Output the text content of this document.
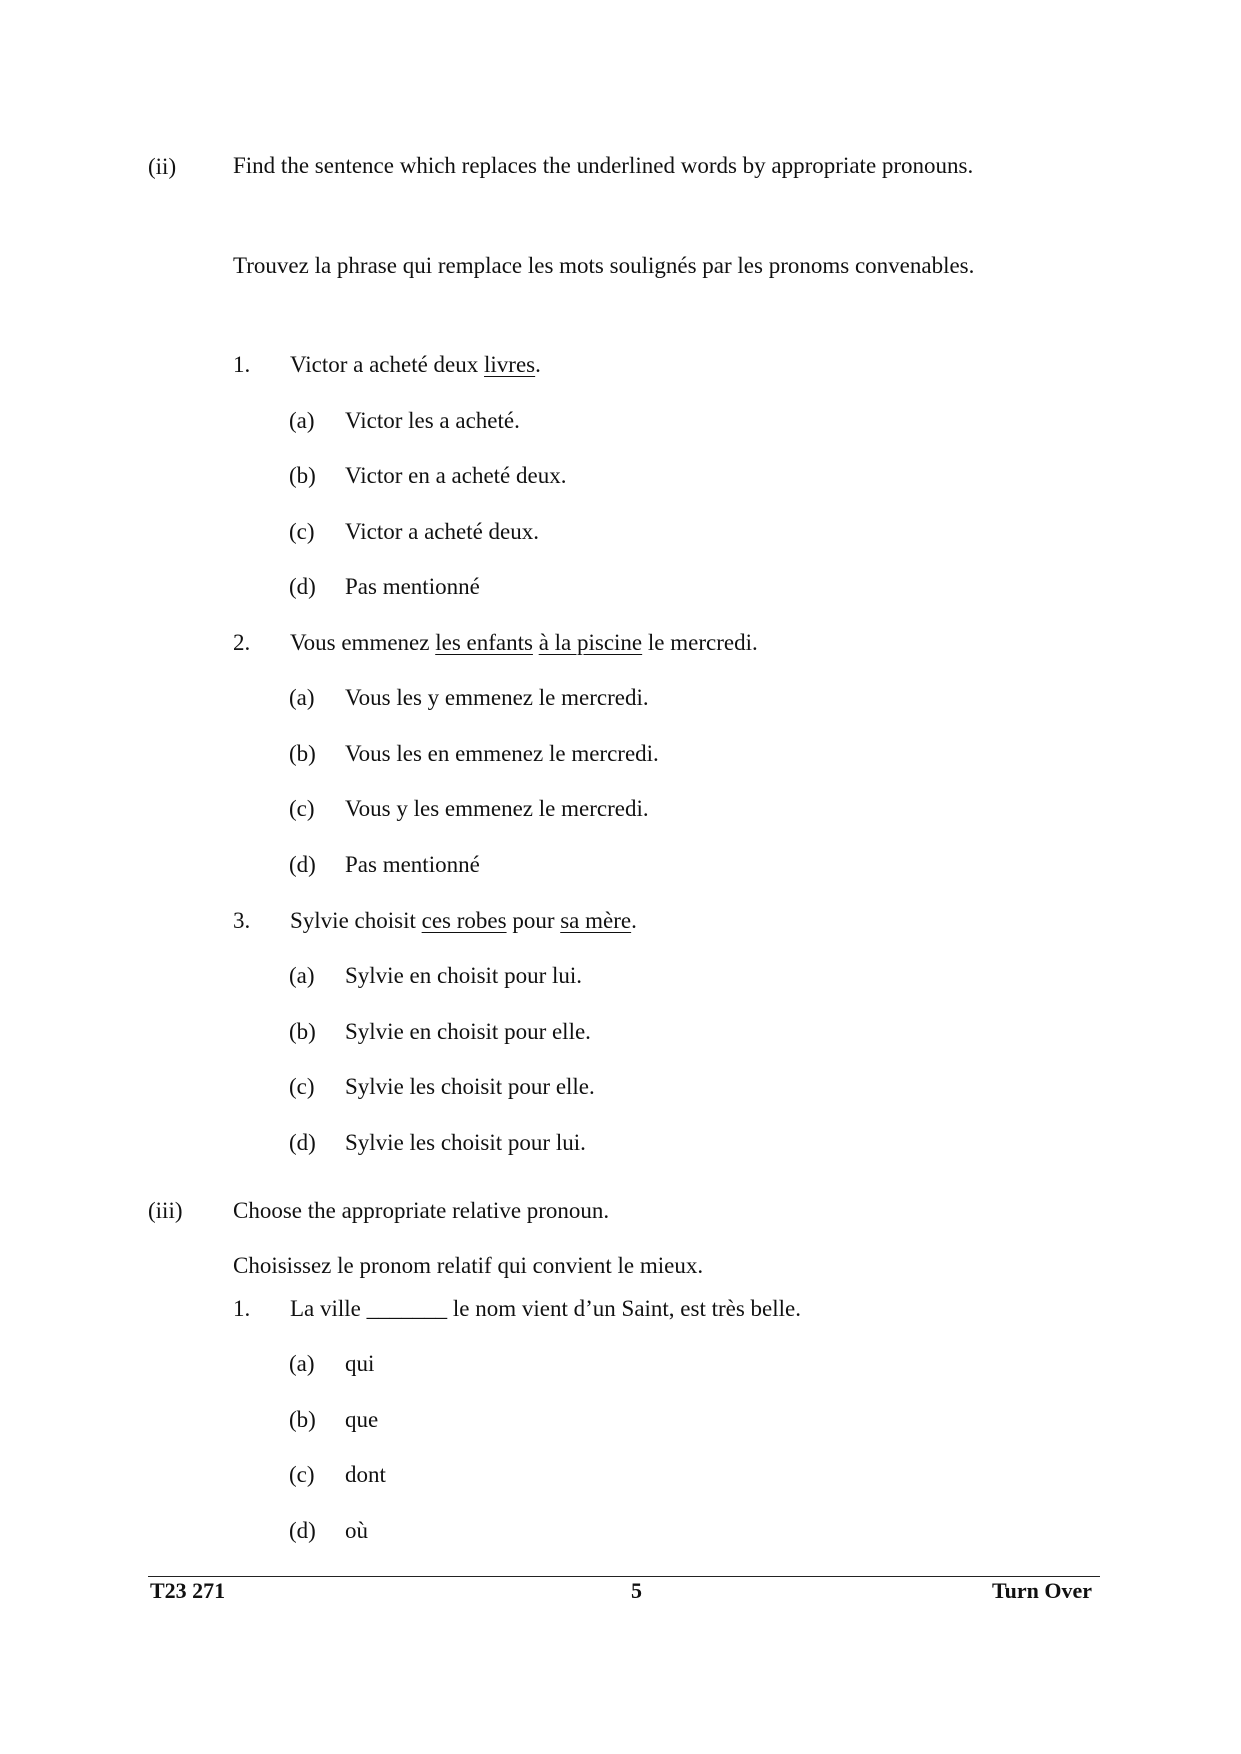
(ii) Find the sentence which replaces the underlined words by appropriate pronouns.
Trouvez la phrase qui remplace les mots soulignés par les pronoms convenables.
1. Victor a acheté deux livres.
(a) Victor les a acheté.
(b) Victor en a acheté deux.
(c) Victor a acheté deux.
(d) Pas mentionné
2. Vous emmenez les enfants à la piscine le mercredi.
(a) Vous les y emmenez le mercredi.
(b) Vous les en emmenez le mercredi.
(c) Vous y les emmenez le mercredi.
(d) Pas mentionné
3. Sylvie choisit ces robes pour sa mère.
(a) Sylvie en choisit pour lui.
(b) Sylvie en choisit pour elle.
(c) Sylvie les choisit pour elle.
(d) Sylvie les choisit pour lui.
(iii) Choose the appropriate relative pronoun.
Choisissez le pronom relatif qui convient le mieux.
1. La ville _______ le nom vient d’un Saint, est très belle.
(a) qui
(b) que
(c) dont
(d) où
T23 271	5	Turn Over
